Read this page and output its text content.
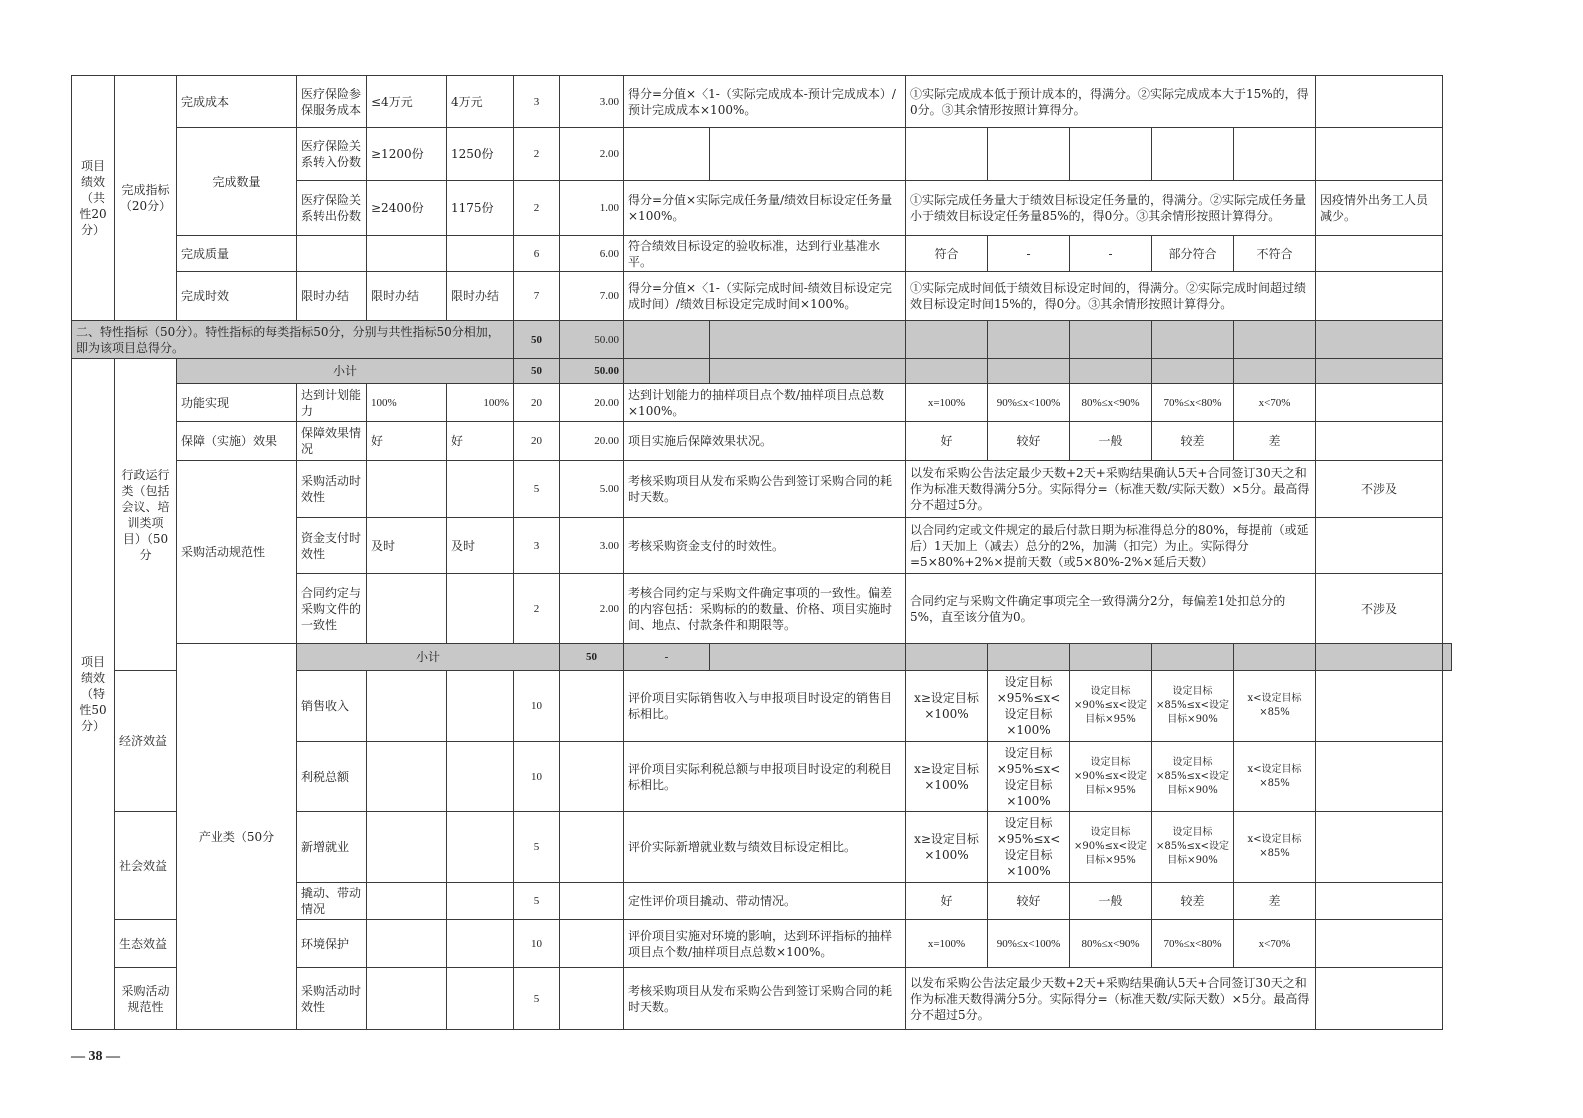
项目绩效（共性20分）	完成指标（20分）	完成成本	医疗保险参保服务成本	≤4万元	4万元	3	3.00	得分=分值×〈1-（实际完成成本-预计完成成本）/预计完成成本×100%。		①实际完成成本低于预计成本的，得满分。②实际完成成本大于15%的，得0分。③其余情形按照计算得分。						
		完成数量	医疗保险关系转入份数	≥1200份	1250份	2	2.00									
			医疗保险关系转出份数	≥2400份	1175份	2	1.00	得分=分值×实际完成任务量/绩效目标设定任务量×100%。		①实际完成任务量大于绩效目标设定任务量的，得满分。②实际完成任务量小于绩效目标设定任务量85%的，得0分。③其余情形按照计算得分。					因疫情外出务工人员减少。	
		完成质量				6	6.00	符合绩效目标设定的验收标准，达到行业基准水平。		符合	-	-	部分符合	不符合		
		完成时效	限时办结	限时办结	限时办结	7	7.00	得分=分值×〈1-（实际完成时间-绩效目标设定完成时间）/绩效目标设定完成时间×100%。		①实际完成时间低于绩效目标设定时间的，得满分。②实际完成时间超过绩效目标设定时间15%的，得0分。③其余情形按照计算得分。						
二、特性指标（50分）。特性指标的每类指标50分，分别与共性指标50分相加，即为该项目总得分。						50	50.00									
项目绩效（特性50分）	行政运行类（包括会议、培训类项目）（50分	小计				50	50.00									
		功能实现	达到计划能力	100%	100%	20	20.00	达到计划能力的抽样项目点个数/抽样项目点总数×100%。		x=100%	90%≤x<100%	80%≤x<90%	70%≤x<80%	x<70%		
		保障（实施）效果	保障效果情况	好	好	20	20.00	项目实施后保障效果状况。		好	较好	一般	较差	差		
		采购活动规范性	采购活动时效性			5	5.00	考核采购项目从发布采购公告到签订采购合同的耗时天数。		以发布采购公告法定最少天数+2天+采购结果确认5天+合同签订30天之和作为标准天数得满分5分。实际得分=（标准天数/实际天数）×5分。最高得分不超过5分。					不涉及	
			资金支付时效性	及时	及时	3	3.00	考核采购资金支付的时效性。		以合同约定或文件规定的最后付款日期为标准得总分的80%，每提前（或延后）1天加上（减去）总分的2%，加满（扣完）为止。实际得分=5×80%+2%×提前天数（或5×80%-2%×延后天数）						
			合同约定与采购文件的一致性			2	2.00	考核合同约定与采购文件确定事项的一致性。偏差的内容包括：采购标的的数量、价格、项目实施时间、地点、付款条件和期限等。		合同约定与采购文件确定事项完全一致得满分2分，每偏差1处扣总分的5%，直至该分值为0。					不涉及	
		产业类（50分	小计				50	-								
	经济效益		销售收入			10		评价项目实际销售收入与申报项目时设定的销售目标相比。		x≥设定目标×100%	设定目标×95%≤x<设定目标×100%	设定目标×90%≤x<设定目标×95%	设定目标×85%≤x<设定目标×90%	x<设定目标×85%		
			利税总额			10		评价项目实际利税总额与申报项目时设定的利税目标相比。		x≥设定目标×100%	设定目标×95%≤x<设定目标×100%	设定目标×90%≤x<设定目标×95%	设定目标×85%≤x<设定目标×90%	x<设定目标×85%		
	社会效益		新增就业			5		评价实际新增就业数与绩效目标设定相比。		x≥设定目标×100%	设定目标×95%≤x<设定目标×100%	设定目标×90%≤x<设定目标×95%	设定目标×85%≤x<设定目标×90%	x<设定目标×85%		
			撬动、带动情况			5		定性评价项目撬动、带动情况。		好	较好	一般	较差	差		
	生态效益		环境保护			10		评价项目实施对环境的影响，达到环评指标的抽样项目点个数/抽样项目点总数×100%。		x=100%	90%≤x<100%	80%≤x<90%	70%≤x<80%	x<70%		
	采购活动规范性		采购活动时效性			5		考核采购项目从发布采购公告到签订采购合同的耗时天数。		以发布采购公告法定最少天数+2天+采购结果确认5天+合同签订30天之和作为标准天数得满分5分。实际得分=（标准天数/实际天数）×5分。最高得分不超过5分。						
— 38 —
